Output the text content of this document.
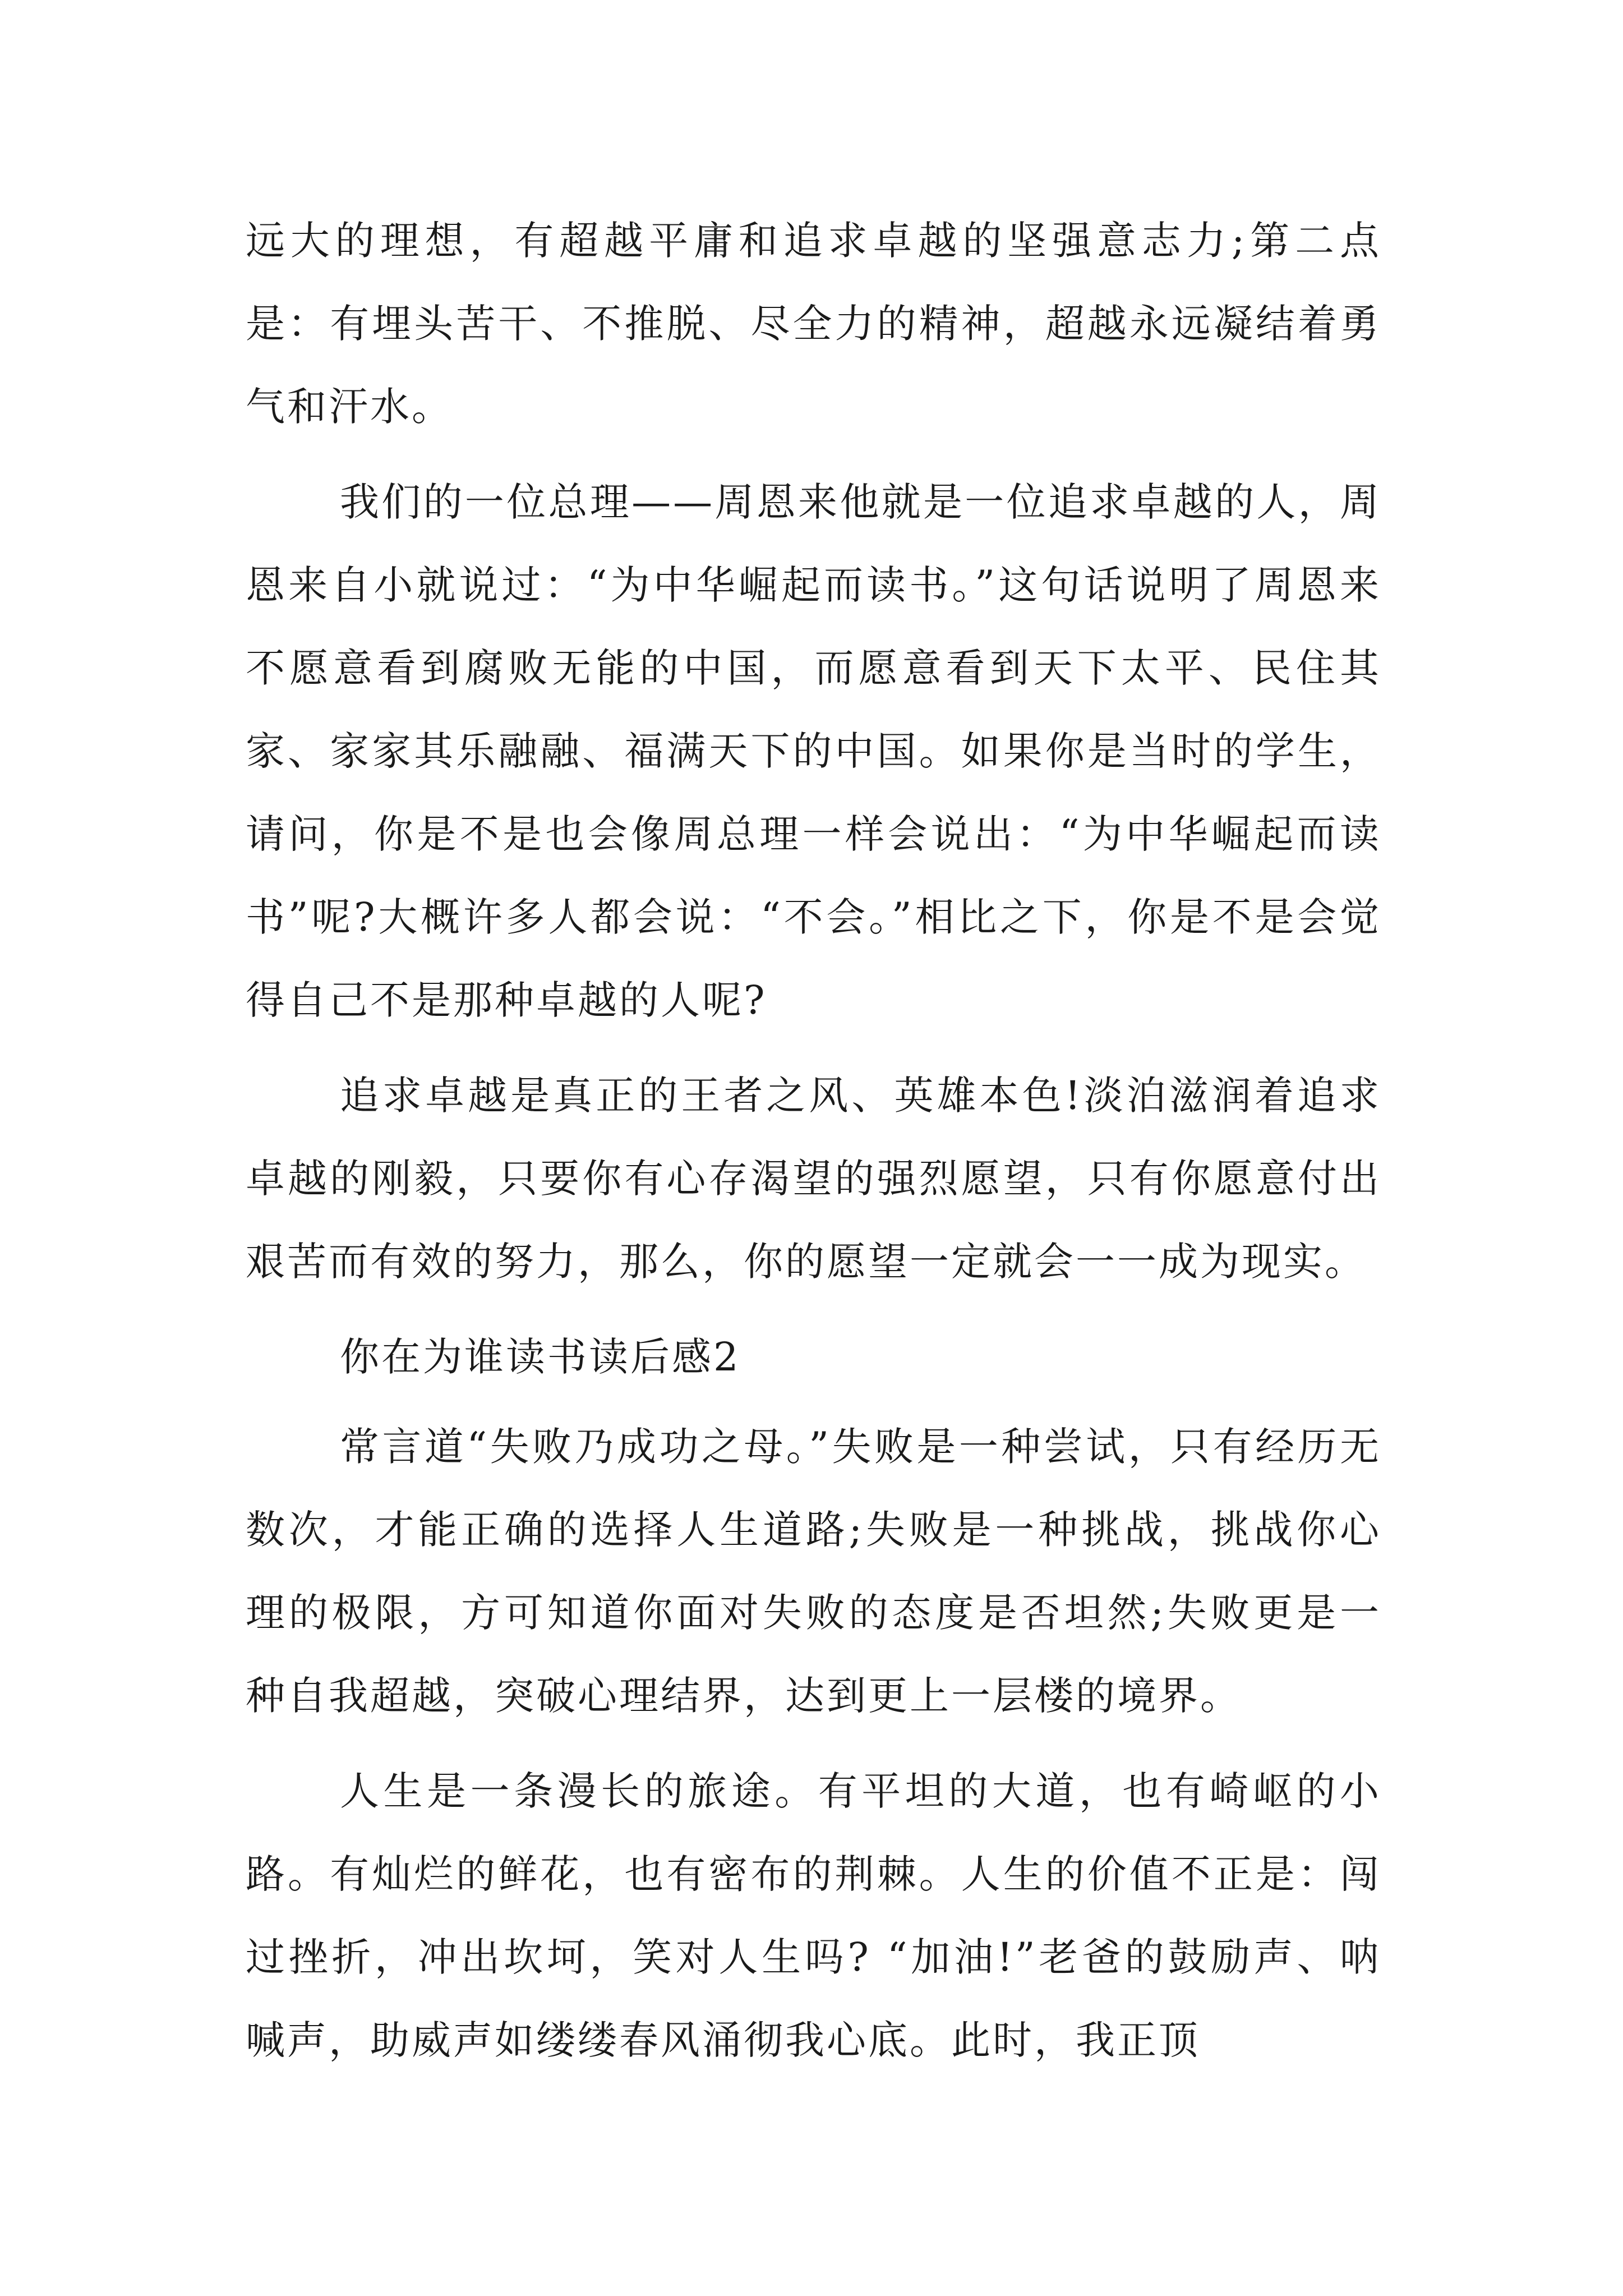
远大的理想，有超越平庸和追求卓越的坚强意志力;第二点是：有埋头苦干、不推脱、尽全力的精神，超越永远凝结着勇气和汗水。

我们的一位总理——周恩来他就是一位追求卓越的人，周恩来自小就说过：“为中华崛起而读书。”这句话说明了周恩来不愿意看到腐败无能的中国，而愿意看到天下太平、民住其家、家家其乐融融、福满天下的中国。如果你是当时的学生，请问，你是不是也会像周总理一样会说出：“为中华崛起而读书”呢?大概许多人都会说：“不会。”相比之下，你是不是会觉得自己不是那种卓越的人呢?

追求卓越是真正的王者之风、英雄本色!淡泊滋润着追求卓越的刚毅，只要你有心存渴望的强烈愿望，只有你愿意付出艰苦而有效的努力，那么，你的愿望一定就会一一成为现实。

你在为谁读书读后感2

常言道“失败乃成功之母。”失败是一种尝试，只有经历无数次，才能正确的选择人生道路;失败是一种挑战，挑战你心理的极限，方可知道你面对失败的态度是否坦然;失败更是一种自我超越，突破心理结界，达到更上一层楼的境界。

人生是一条漫长的旅途。有平坦的大道，也有崎岖的小路。有灿烂的鲜花，也有密布的荆棘。人生的价值不正是：闯过挫折，冲出坎坷，笑对人生吗? “加油!”老爸的鼓励声、呐喊声，助威声如缕缕春风涌彻我心底。此时，我正顶
